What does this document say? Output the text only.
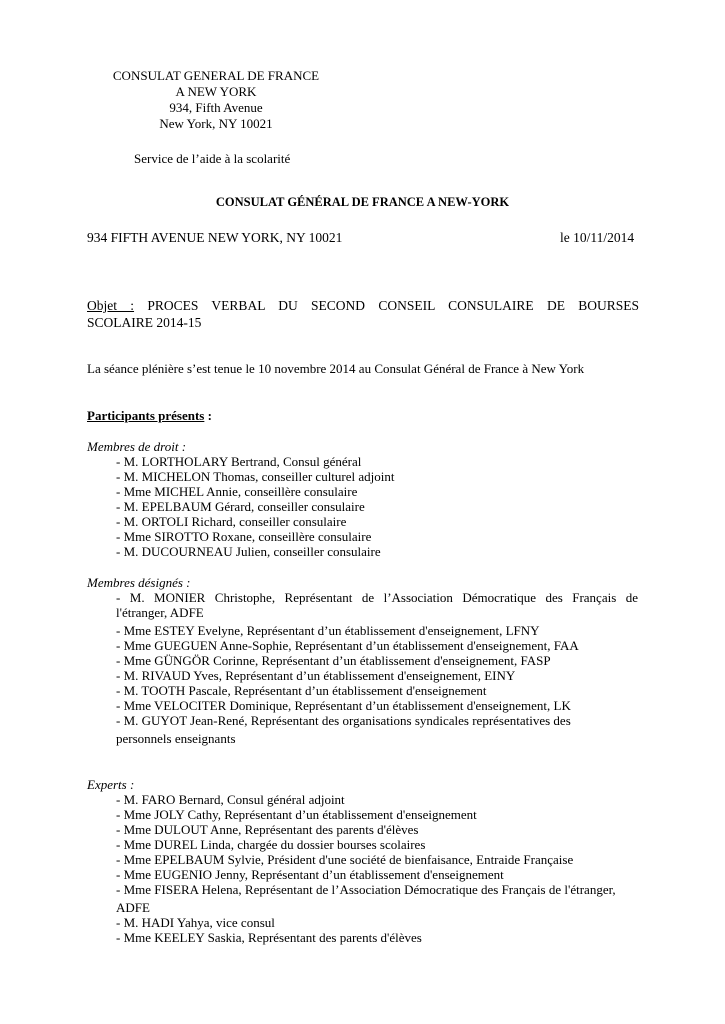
CONSULAT GENERAL DE FRANCE
A NEW YORK
934, Fifth Avenue
New York, NY 10021
Service de l’aide à la scolarité
CONSULAT GÉNÉRAL DE FRANCE A NEW-YORK
934 FIFTH AVENUE NEW YORK, NY 10021	le 10/11/2014
Objet : PROCES VERBAL DU SECOND CONSEIL CONSULAIRE DE BOURSES
SCOLAIRE 2014-15
La séance plénière s’est tenue le 10 novembre 2014 au Consulat Général de France à New York
Participants présents :
Membres de droit :
- M. LORTHOLARY Bertrand, Consul général
- M. MICHELON Thomas, conseiller culturel adjoint
- Mme MICHEL Annie, conseillère consulaire
- M. EPELBAUM Gérard, conseiller consulaire
- M. ORTOLI Richard, conseiller consulaire
- Mme SIROTTO Roxane, conseillère consulaire
- M. DUCOURNEAU Julien, conseiller consulaire
Membres désignés :
- M. MONIER Christophe, Représentant de l’Association Démocratique des Français de
l'étranger, ADFE
- Mme ESTEY Evelyne, Représentant d’un établissement d'enseignement, LFNY
- Mme GUEGUEN Anne-Sophie, Représentant d’un établissement d'enseignement, FAA
- Mme GÜNGÖR Corinne, Représentant d’un établissement d'enseignement, FASP
- M. RIVAUD Yves, Représentant d’un établissement d'enseignement, EINY
- M. TOOTH Pascale, Représentant d’un établissement d'enseignement
- Mme VELOCITER Dominique, Représentant d’un établissement d'enseignement, LK
- M. GUYOT Jean-René, Représentant des organisations syndicales représentatives des
personnels enseignants
Experts :
- M. FARO Bernard, Consul général adjoint
- Mme JOLY Cathy, Représentant d’un établissement d'enseignement
- Mme DULOUT Anne, Représentant des parents d'élèves
- Mme DUREL Linda, chargée du dossier bourses scolaires
- Mme EPELBAUM Sylvie, Président d'une société de bienfaisance, Entraide Française
- Mme EUGENIO Jenny, Représentant d’un établissement d'enseignement
- Mme FISERA Helena, Représentant de l’Association Démocratique des Français de l'étranger,
ADFE
- M. HADI Yahya, vice consul
- Mme KEELEY Saskia, Représentant des parents d'élèves
